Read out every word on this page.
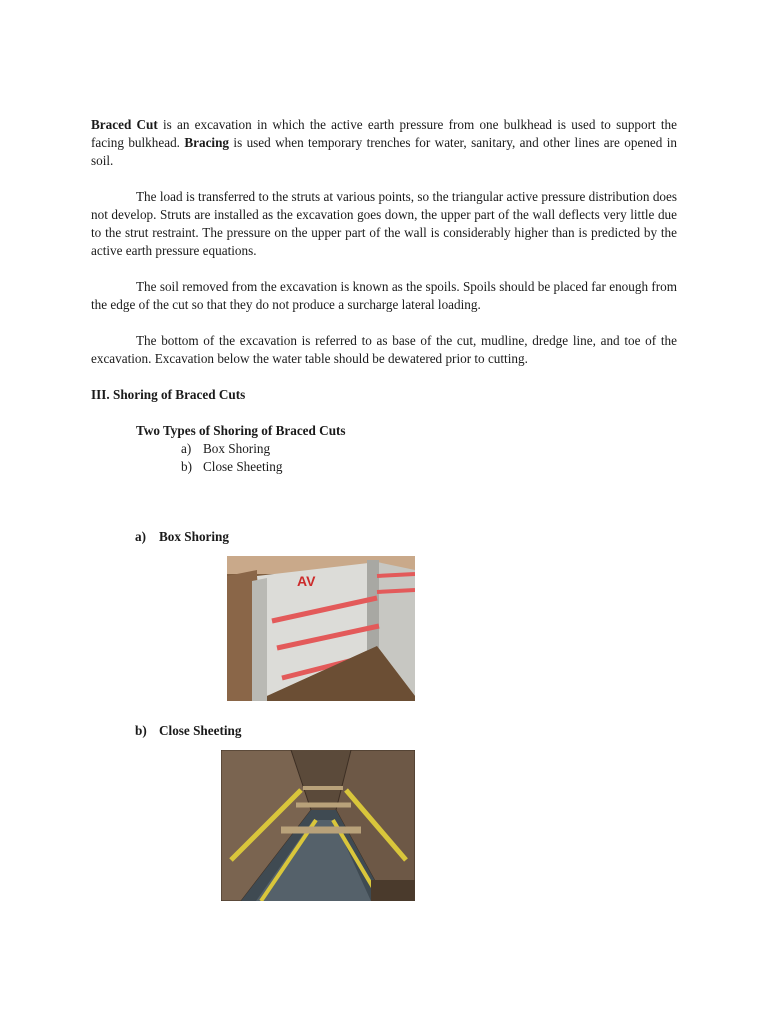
Braced Cut is an excavation in which the active earth pressure from one bulkhead is used to support the facing bulkhead. Bracing is used when temporary trenches for water, sanitary, and other lines are opened in soil.

The load is transferred to the struts at various points, so the triangular active pressure distribution does not develop. Struts are installed as the excavation goes down, the upper part of the wall deflects very little due to the strut restraint. The pressure on the upper part of the wall is considerably higher than is predicted by the active earth pressure equations.

The soil removed from the excavation is known as the spoils. Spoils should be placed far enough from the edge of the cut so that they do not produce a surcharge lateral loading.

The bottom of the excavation is referred to as base of the cut, mudline, dredge line, and toe of the excavation. Excavation below the water table should be dewatered prior to cutting.

III. Shoring of Braced Cuts

Two Types of Shoring of Braced Cuts

a) Box Shoring
b) Close Sheeting
a) Box Shoring
AV
b) Close Sheeting
